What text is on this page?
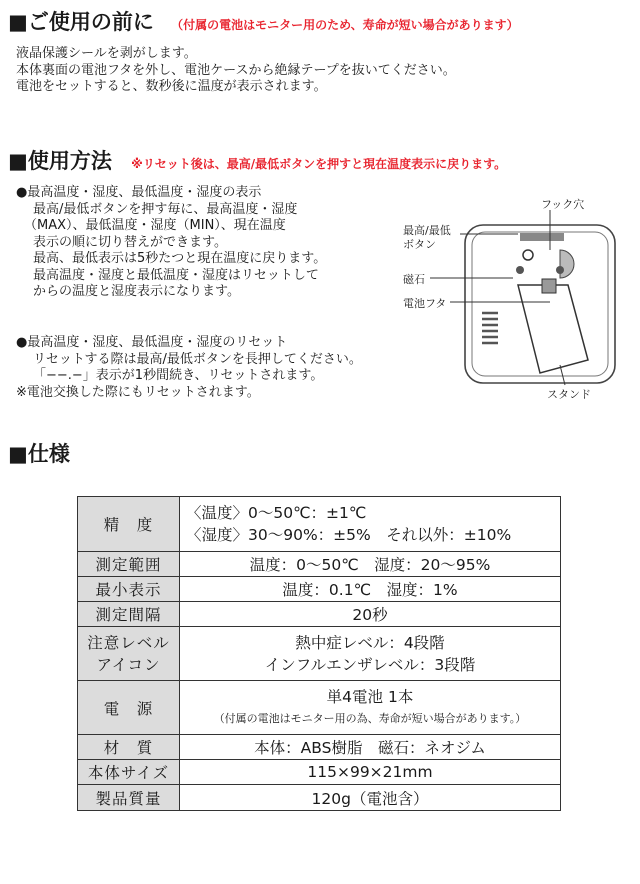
■ご使用の前に （付属の電池はモニター用のため、寿命が短い場合があります）
液晶保護シールを剥がします。
本体裏面の電池フタを外し、電池ケースから絶縁テープを抜いてください。
電池をセットすると、数秒後に温度が表示されます。
■使用方法 ※リセット後は、最高/最低ボタンを押すと現在温度表示に戻ります。
●最高温度・湿度、最低温度・湿度の表示
最高/最低ボタンを押す毎に、最高温度・湿度
（MAX）、最低温度・湿度（MIN）、現在温度
表示の順に切り替えができます。
最高、最低表示は5秒たつと現在温度に戻ります。
最高温度・湿度と最低温度・湿度はリセットして
からの温度と湿度表示になります。
●最高温度・湿度、最低温度・湿度のリセット
リセットする際は最高/最低ボタンを長押してください。
「−−.−」表示が1秒間続き、リセットされます。
※電池交換した際にもリセットされます。
フック穴
最高/最低
ボタン
磁石
電池フタ
スタンド
■仕様
精　度	〈温度〉0〜50℃：±1℃
〈湿度〉30〜90%：±5%　それ以外：±10%

測定範囲	温度：0〜50℃　湿度：20〜95%
最小表示	温度：0.1℃　湿度：1%
測定間隔	20秒

注意レベル
アイコン	熱中症レベル：4段階
インフルエンザレベル：3段階

電　源	単4電池 1本
（付属の電池はモニター用の為、寿命が短い場合があります。）

材　質	本体：ABS樹脂　磁石：ネオジム
本体サイズ	115×99×21mm
製品質量	120g（電池含）
